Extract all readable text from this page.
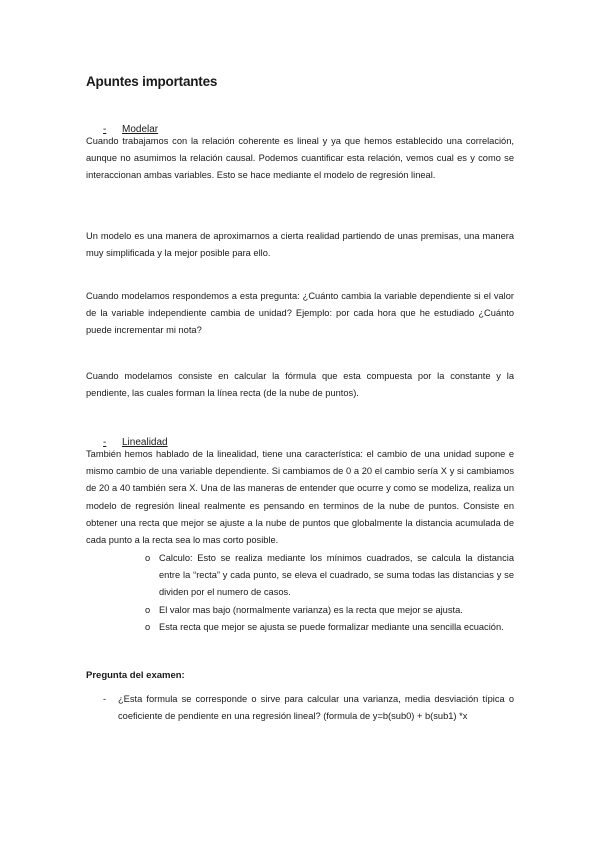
Apuntes importantes
- Modelar

Cuando trabajamos con la relación coherente es lineal y ya que hemos establecido una correlación, aunque no asumimos la relación causal. Podemos cuantificar esta relación, vemos cual es y como se interaccionan ambas variables. Esto se hace mediante el modelo de regresión lineal.

Un modelo es una manera de aproximarnos a cierta realidad partiendo de unas premisas, una manera muy simplificada y la mejor posible para ello.

Cuando modelamos respondemos a esta pregunta: ¿Cuánto cambia la variable dependiente si el valor de la variable independiente cambia de unidad? Ejemplo: por cada hora que he estudiado ¿Cuánto puede incrementar mi nota?

Cuando modelamos consiste en calcular la fórmula que esta compuesta por la constante y la pendiente, las cuales forman la línea recta (de la nube de puntos).

- Linealidad

También hemos hablado de la linealidad, tiene una característica: el cambio de una unidad supone e mismo cambio de una variable dependiente. Si cambiamos de 0 a 20 el cambio sería X y si cambiamos de 20 a 40 también sera X. Una de las maneras de entender que ocurre y como se modeliza, realiza un modelo de regresión lineal realmente es pensando en terminos de la nube de puntos. Consiste en obtener una recta que mejor se ajuste a la nube de puntos que globalmente la distancia acumulada de cada punto a la recta sea lo mas corto posible.

o Calculo: Esto se realiza mediante los mínimos cuadrados, se calcula la distancia entre la “recta” y cada punto, se eleva el cuadrado, se suma todas las distancias y se dividen por el numero de casos.
o El valor mas bajo (normalmente varianza) es la recta que mejor se ajusta.
o Esta recta que mejor se ajusta se puede formalizar mediante una sencilla ecuación.
Pregunta del examen:
- ¿Esta formula se corresponde o sirve para calcular una varianza, media desviación típica o coeficiente de pendiente en una regresión lineal? (formula de y=b(sub0) + b(sub1) *x
